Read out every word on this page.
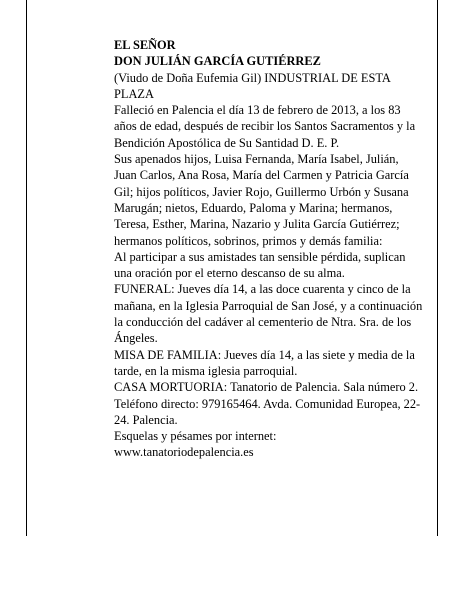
EL SEÑOR

DON JULIÁN GARCÍA GUTIÉRREZ

(Viudo de Doña Eufemia Gil) INDUSTRIAL DE ESTA PLAZA

Falleció en Palencia el día 13 de febrero de 2013, a los 83 años de edad, después de recibir los Santos Sacramentos y la Bendición Apostólica de Su Santidad D. E. P.

Sus apenados hijos, Luisa Fernanda, María Isabel, Julián, Juan Carlos, Ana Rosa, María del Carmen y Patricia García Gil; hijos políticos, Javier Rojo, Guillermo Urbón y Susana Marugán; nietos, Eduardo, Paloma y Marina; hermanos, Teresa, Esther, Marina, Nazario y Julita García Gutiérrez; hermanos políticos, sobrinos, primos y demás familia:

Al participar a sus amistades tan sensible pérdida, suplican una oración por el eterno descanso de su alma.

FUNERAL: Jueves día 14, a las doce cuarenta y cinco de la mañana, en la Iglesia Parroquial de San José, y a continuación la conducción del cadáver al cementerio de Ntra. Sra. de los Ángeles.

MISA DE FAMILIA: Jueves día 14, a las siete y media de la tarde, en la misma iglesia parroquial.

CASA MORTUORIA: Tanatorio de Palencia. Sala número 2. Teléfono directo: 979165464. Avda. Comunidad Europea, 22-24. Palencia.

Esquelas y pésames por internet:

www.tanatoriodepalencia.es
